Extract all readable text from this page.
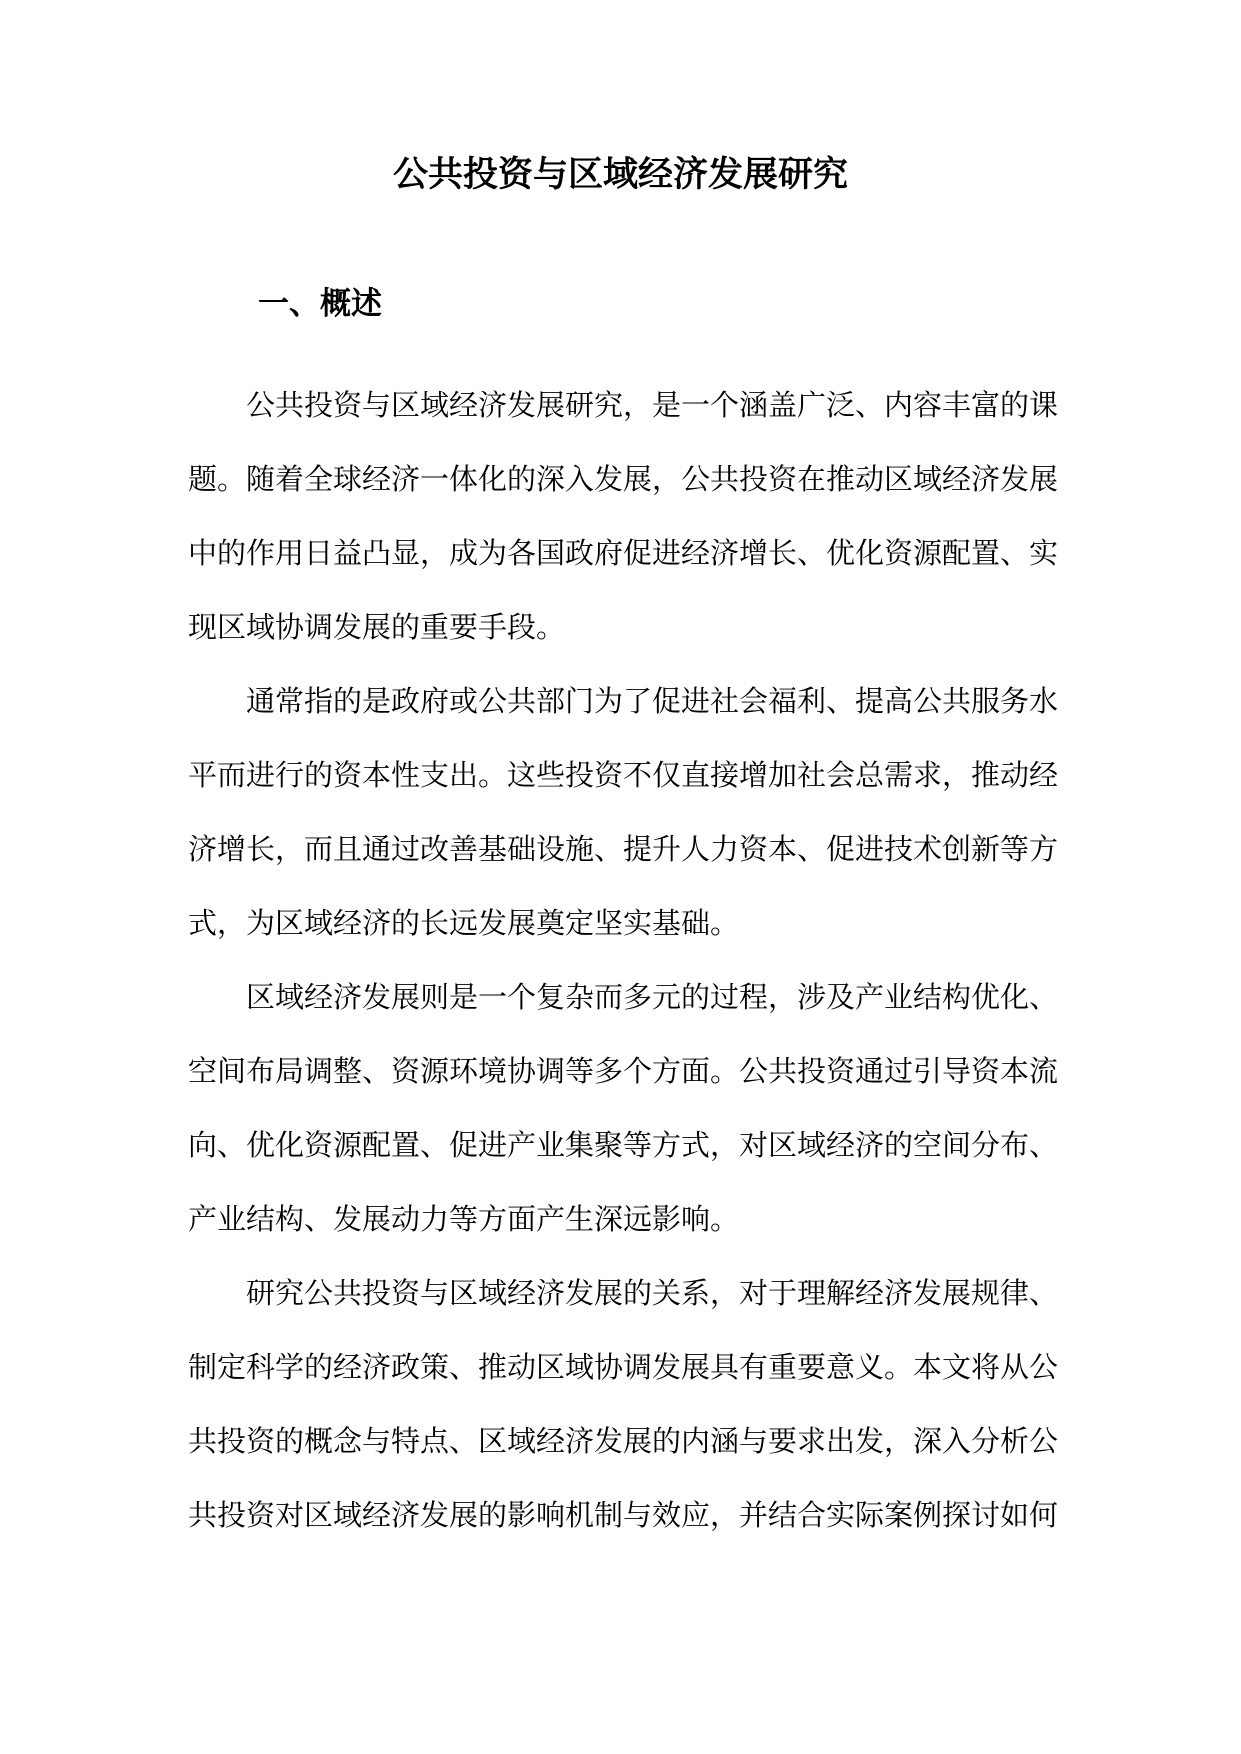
公共投资与区域经济发展研究
一、概述
公共投资与区域经济发展研究，是一个涵盖广泛、内容丰富的课
题。随着全球经济一体化的深入发展，公共投资在推动区域经济发展
中的作用日益凸显，成为各国政府促进经济增长、优化资源配置、实
现区域协调发展的重要手段。
通常指的是政府或公共部门为了促进社会福利、提高公共服务水
平而进行的资本性支出。这些投资不仅直接增加社会总需求，推动经
济增长，而且通过改善基础设施、提升人力资本、促进技术创新等方
式，为区域经济的长远发展奠定坚实基础。
区域经济发展则是一个复杂而多元的过程，涉及产业结构优化、
空间布局调整、资源环境协调等多个方面。公共投资通过引导资本流
向、优化资源配置、促进产业集聚等方式，对区域经济的空间分布、
产业结构、发展动力等方面产生深远影响。
研究公共投资与区域经济发展的关系，对于理解经济发展规律、
制定科学的经济政策、推动区域协调发展具有重要意义。本文将从公
共投资的概念与特点、区域经济发展的内涵与要求出发，深入分析公
共投资对区域经济发展的影响机制与效应，并结合实际案例探讨如何
